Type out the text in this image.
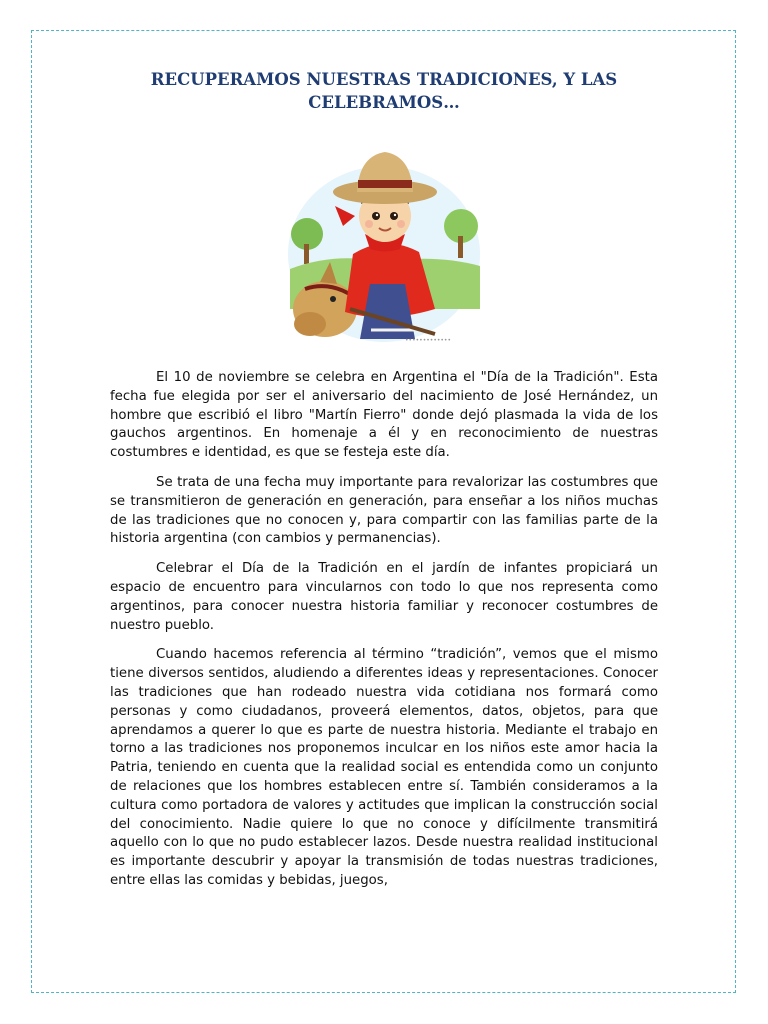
RECUPERAMOS NUESTRAS TRADICIONES, Y LAS CELEBRAMOS…
•••••••••••••

El 10 de noviembre se celebra en Argentina el "Día de la Tradición". Esta fecha fue elegida por ser el aniversario del nacimiento de José Hernández, un hombre que escribió el libro "Martín Fierro" donde dejó plasmada la vida de los gauchos argentinos. En homenaje a él y en reconocimiento de nuestras costumbres e identidad, es que se festeja este día.

Se trata de una fecha muy importante para revalorizar las costumbres que se transmitieron de generación en generación, para enseñar a los niños muchas de las tradiciones que no conocen y, para compartir con las familias parte de la historia argentina (con cambios y permanencias).

Celebrar el Día de la Tradición en el jardín de infantes propiciará un espacio de encuentro para vincularnos con todo lo que nos representa como argentinos, para conocer nuestra historia familiar y reconocer costumbres de nuestro pueblo.

Cuando hacemos referencia al término “tradición”, vemos que el mismo tiene diversos sentidos, aludiendo a diferentes ideas y representaciones. Conocer las tradiciones que han rodeado nuestra vida cotidiana nos formará como personas y como ciudadanos, proveerá elementos, datos, objetos, para que aprendamos a querer lo que es parte de nuestra historia. Mediante el trabajo en torno a las tradiciones nos proponemos inculcar en los niños este amor hacia la Patria, teniendo en cuenta que la realidad social es entendida como un conjunto de relaciones que los hombres establecen entre sí. También consideramos a la cultura como portadora de valores y actitudes que implican la construcción social del conocimiento. Nadie quiere lo que no conoce y difícilmente transmitirá aquello con lo que no pudo establecer lazos. Desde nuestra realidad institucional es importante descubrir y apoyar la transmisión de todas nuestras tradiciones, entre ellas las comidas y bebidas, juegos,
